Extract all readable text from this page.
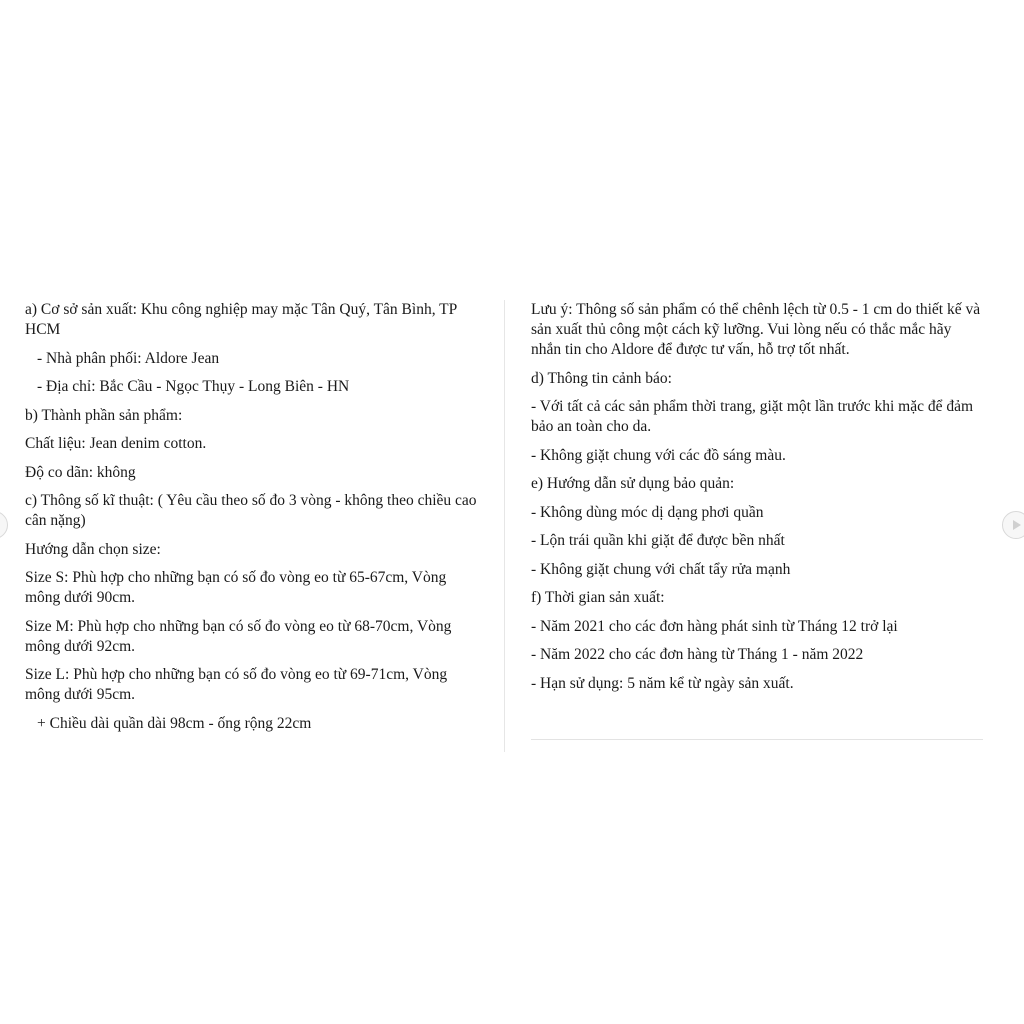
a) Cơ sở sản xuất: Khu công nghiệp may mặc Tân Quý, Tân Bình, TP HCM
- Nhà phân phối: Aldore Jean
- Địa chỉ: Bắc Cầu - Ngọc Thụy - Long Biên - HN
b) Thành phần sản phẩm:
Chất liệu: Jean denim cotton.
Độ co dãn: không
c) Thông số kĩ thuật: ( Yêu cầu theo số đo 3 vòng - không theo chiều cao cân nặng)
Hướng dẫn chọn size:
Size S: Phù hợp cho những bạn có số đo vòng eo từ 65-67cm, Vòng mông dưới 90cm.
Size M: Phù hợp cho những bạn có số đo vòng eo từ 68-70cm, Vòng mông dưới 92cm.
Size L: Phù hợp cho những bạn có số đo vòng eo từ 69-71cm, Vòng mông dưới 95cm.
+ Chiều dài quần dài 98cm - ống rộng 22cm
Lưu ý: Thông số sản phẩm có thể chênh lệch từ 0.5 - 1 cm do thiết kế và sản xuất thủ công một cách kỹ lưỡng. Vui lòng nếu có thắc mắc hãy nhắn tin cho Aldore để được tư vấn, hỗ trợ tốt nhất.
d) Thông tin cảnh báo:
- Với tất cả các sản phẩm thời trang, giặt một lần trước khi mặc để đảm bảo an toàn cho da.
- Không giặt chung với các đồ sáng màu.
e) Hướng dẫn sử dụng bảo quản:
- Không dùng móc dị dạng phơi quần
- Lộn trái quần khi giặt để được bền nhất
- Không giặt chung với chất tẩy rửa mạnh
f) Thời gian sản xuất:
- Năm 2021 cho các đơn hàng phát sinh từ Tháng 12 trở lại
- Năm 2022 cho các đơn hàng từ Tháng 1 - năm 2022
- Hạn sử dụng: 5 năm kể từ ngày sản xuất.
